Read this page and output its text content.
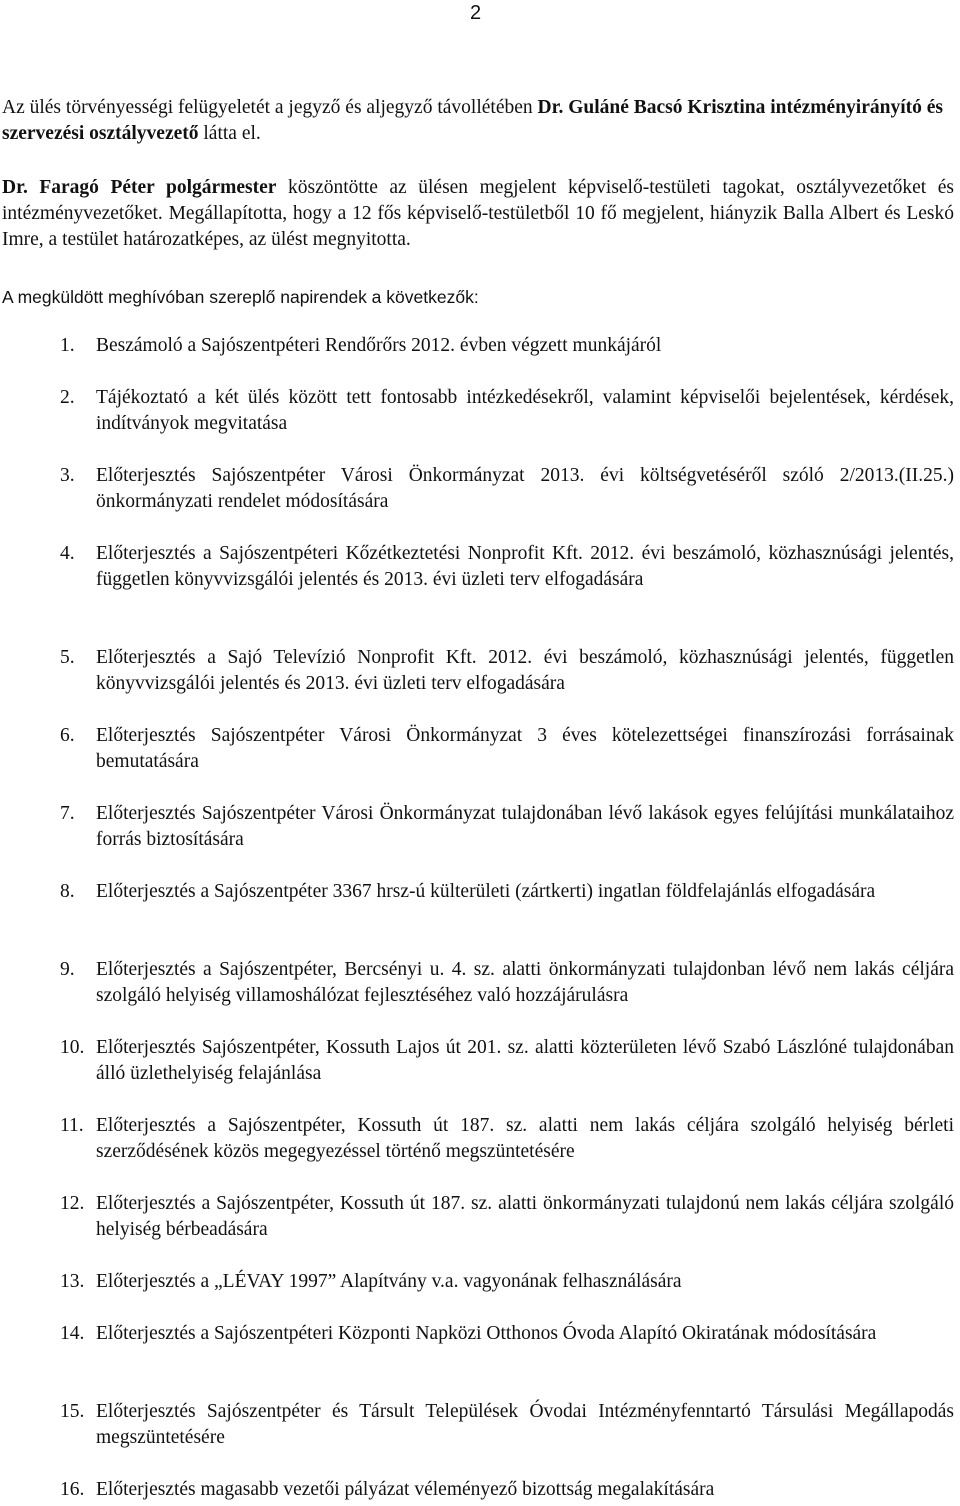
2
Az ülés törvényességi felügyeletét a jegyző és aljegyző távollétében Dr. Guláné Bacsó Krisztina intézményirányító és szervezési osztályvezető látta el.
Dr. Faragó Péter polgármester köszöntötte az ülésen megjelent képviselő-testületi tagokat, osztályvezetőket és intézményvezetőket. Megállapította, hogy a 12 fős képviselő-testületből 10 fő megjelent, hiányzik Balla Albert és Leskó Imre, a testület határozatképes, az ülést megnyitotta.
A megküldött meghívóban szereplő napirendek a következők:
1. Beszámoló a Sajószentpéteri Rendőrőrs 2012. évben végzett munkájáról
2. Tájékoztató a két ülés között tett fontosabb intézkedésekről, valamint képviselői bejelentések, kérdések, indítványok megvitatása
3. Előterjesztés Sajószentpéter Városi Önkormányzat 2013. évi költségvetéséről szóló 2/2013.(II.25.) önkormányzati rendelet módosítására
4. Előterjesztés a Sajószentpéteri Kőzétkeztetési Nonprofit Kft. 2012. évi beszámoló, közhasznúsági jelentés, független könyvvizsgálói jelentés és 2013. évi üzleti terv elfogadására
5. Előterjesztés a Sajó Televízió Nonprofit Kft. 2012. évi beszámoló, közhasznúsági jelentés, független könyvvizsgálói jelentés és 2013. évi üzleti terv elfogadására
6. Előterjesztés Sajószentpéter Városi Önkormányzat 3 éves kötelezettségei finanszírozási forrásainak bemutatására
7. Előterjesztés Sajószentpéter Városi Önkormányzat tulajdonában lévő lakások egyes felújítási munkálataihoz forrás biztosítására
8. Előterjesztés a Sajószentpéter 3367 hrsz-ú külterületi (zártkerti) ingatlan földfelajánlás elfogadására
9. Előterjesztés a Sajószentpéter, Bercsényi u. 4. sz. alatti önkormányzati tulajdonban lévő nem lakás céljára szolgáló helyiség villamoshálózat fejlesztéséhez való hozzájárulásra
10. Előterjesztés Sajószentpéter, Kossuth Lajos út 201. sz. alatti közterületen lévő Szabó Lászlóné tulajdonában álló üzlethelyiség felajánlása
11. Előterjesztés a Sajószentpéter, Kossuth út 187. sz. alatti nem lakás céljára szolgáló helyiség bérleti szerződésének közös megegyezéssel történő megszüntetésére
12. Előterjesztés a Sajószentpéter, Kossuth út 187. sz. alatti önkormányzati tulajdonú nem lakás céljára szolgáló helyiség bérbeadására
13. Előterjesztés a „LÉVAY 1997” Alapítvány v.a. vagyonának felhasználására
14. Előterjesztés a Sajószentpéteri Központi Napközi Otthonos Óvoda Alapító Okiratának módosítására
15. Előterjesztés Sajószentpéter és Társult Települések Óvodai Intézményfenntartó Társulási Megállapodás megszüntetésére
16. Előterjesztés magasabb vezetői pályázat véleményező bizottság megalakítására
